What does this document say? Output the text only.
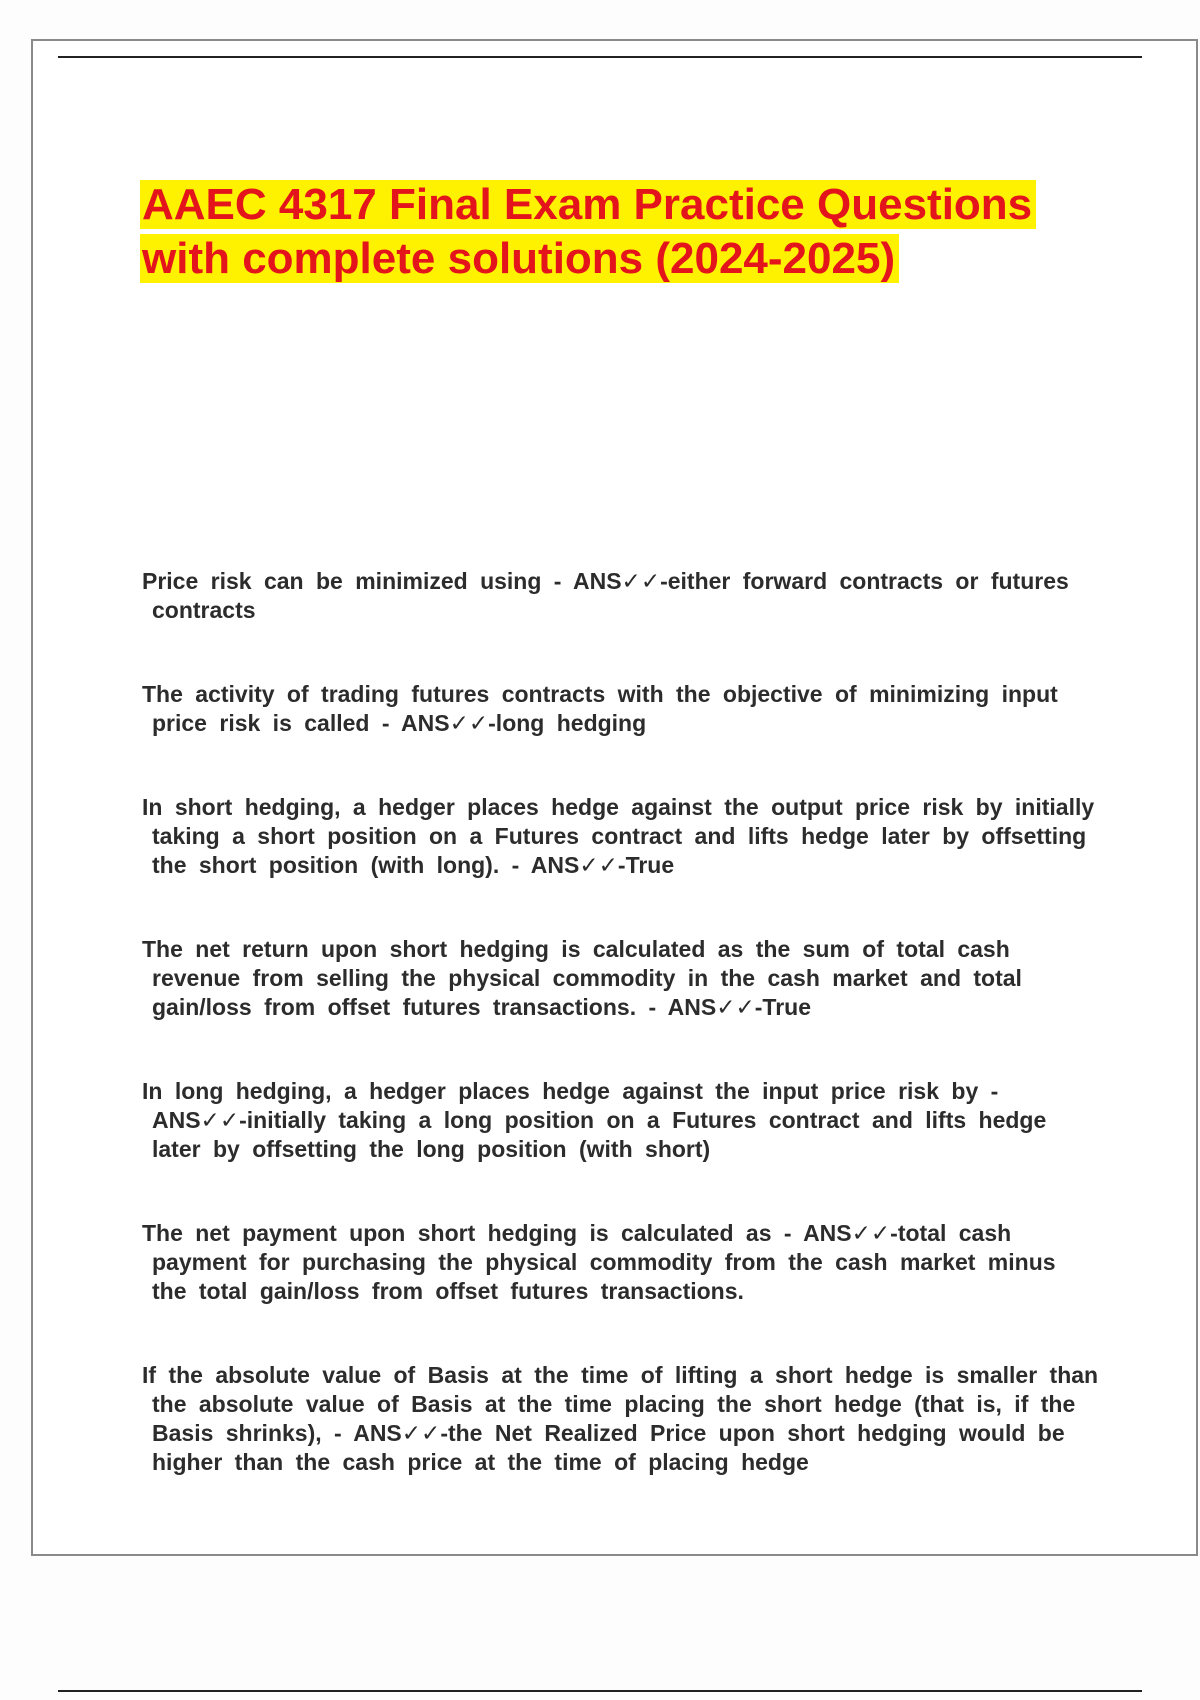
AAEC 4317 Final Exam Practice Questions with complete solutions (2024-2025)
Price risk can be minimized using - ANS✓✓-either forward contracts or futures contracts
The activity of trading futures contracts with the objective of minimizing input price risk is called - ANS✓✓-long hedging
In short hedging, a hedger places hedge against the output price risk by initially taking a short position on a Futures contract and lifts hedge later by offsetting the short position (with long). - ANS✓✓-True
The net return upon short hedging is calculated as the sum of total cash revenue from selling the physical commodity in the cash market and total gain/loss from offset futures transactions. - ANS✓✓-True
In long hedging, a hedger places hedge against the input price risk by - ANS✓✓-initially taking a long position on a Futures contract and lifts hedge later by offsetting the long position (with short)
The net payment upon short hedging is calculated as - ANS✓✓-total cash payment for purchasing the physical commodity from the cash market minus the total gain/loss from offset futures transactions.
If the absolute value of Basis at the time of lifting a short hedge is smaller than the absolute value of Basis at the time placing the short hedge (that is, if the Basis shrinks), - ANS✓✓-the Net Realized Price upon short hedging would be higher than the cash price at the time of placing hedge
